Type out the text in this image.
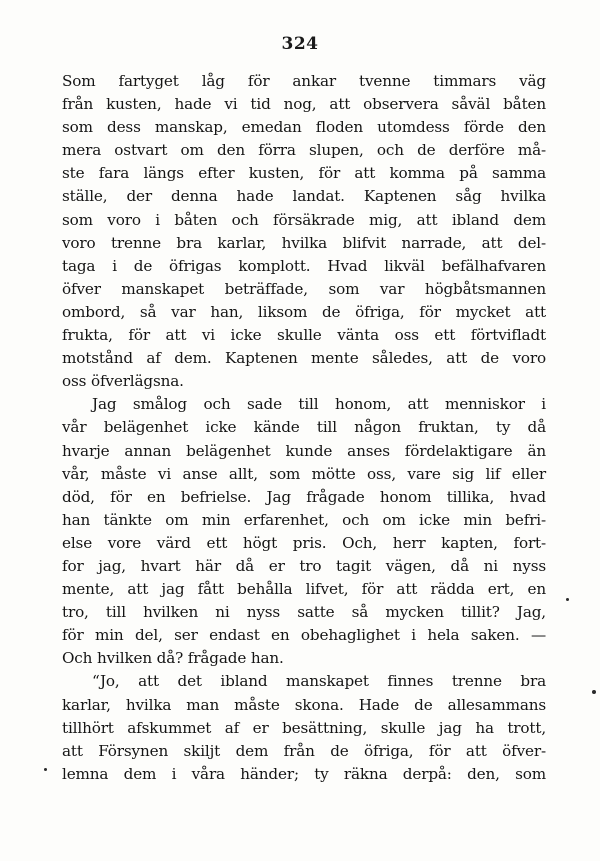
324
Som fartyget låg för ankar tvenne timmars väg
från kusten, hade vi tid nog, att observera såväl båten
som dess manskap, emedan floden utomdess förde den
mera ostvart om den förra slupen, och de derföre må-
ste fara längs efter kusten, för att komma på samma
ställe, der denna hade landat. Kaptenen såg hvilka
som voro i båten och försäkrade mig, att ibland dem
voro trenne bra karlar, hvilka blifvit narrade, att del-
taga i de öfrigas komplott. Hvad likväl befälhafvaren
öfver manskapet beträffade, som var högbåtsmannen
ombord, så var han, liksom de öfriga, för mycket att
frukta, för att vi icke skulle vänta oss ett förtvifladt
motstånd af dem. Kaptenen mente således, att de voro
oss öfverlägsna.
Jag smålog och sade till honom, att menniskor i
vår belägenhet icke kände till någon fruktan, ty då
hvarje annan belägenhet kunde anses fördelaktigare än
vår, måste vi anse allt, som mötte oss, vare sig lif eller
död, för en befrielse. Jag frågade honom tillika, hvad
han tänkte om min erfarenhet, och om icke min befri-
else vore värd ett högt pris. Och, herr kapten, fort-
for jag, hvart här då er tro tagit vägen, då ni nyss
mente, att jag fått behålla lifvet, för att rädda ert, en
tro, till hvilken ni nyss satte så mycken tillit? Jag,
för min del, ser endast en obehaglighet i hela saken. —
Och hvilken då? frågade han.
“Jo, att det ibland manskapet finnes trenne bra
karlar, hvilka man måste skona. Hade de allesammans
tillhört afskummet af er besättning, skulle jag ha trott,
att Försynen skiljt dem från de öfriga, för att öfver-
lemna dem i våra händer; ty räkna derpå: den, som
